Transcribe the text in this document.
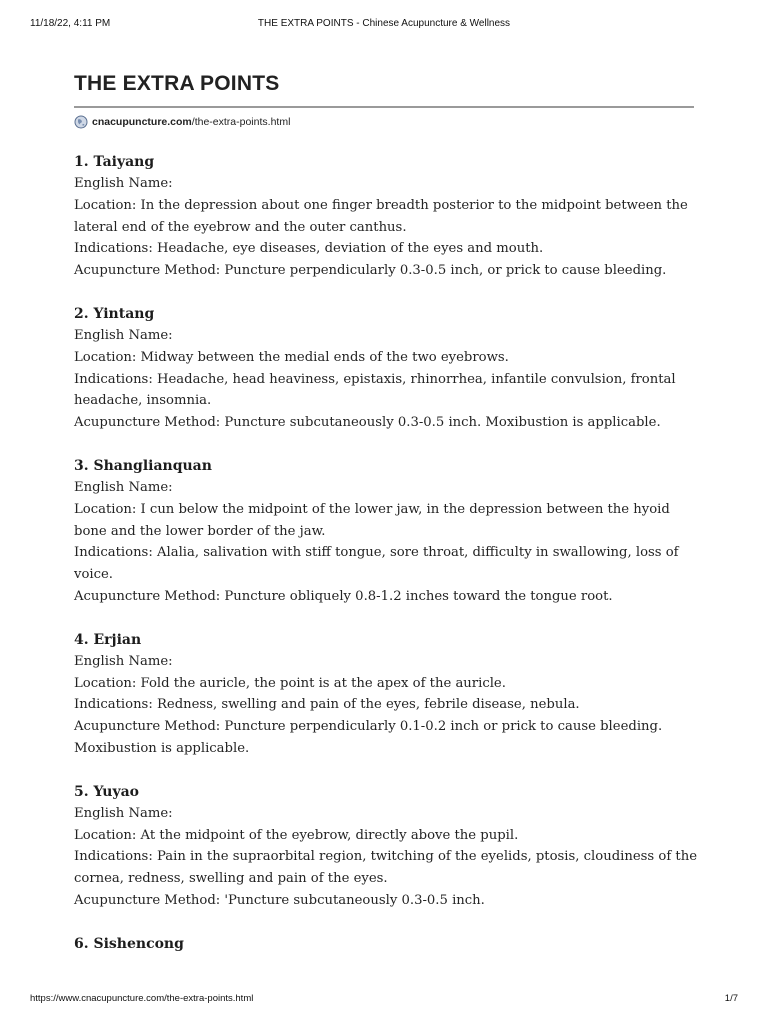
11/18/22, 4:11 PM	THE EXTRA POINTS - Chinese Acupuncture & Wellness
THE EXTRA POINTS
cnacupuncture.com /the-extra-points.html
1. Taiyang

English Name:

Location: In the depression about one finger breadth posterior to the midpoint between the

lateral end of the eyebrow and the outer canthus.

Indications: Headache, eye diseases, deviation of the eyes and mouth.

Acupuncture Method: Puncture perpendicularly 0.3-0.5 inch, or prick to cause bleeding.

2. Yintang

English Name:

Location: Midway between the medial ends of the two eyebrows.

Indications: Headache, head heaviness, epistaxis, rhinorrhea, infantile convulsion, frontal

headache, insomnia.

Acupuncture Method: Puncture subcutaneously 0.3-0.5 inch. Moxibustion is applicable.

3. Shanglianquan

English Name:

Location: I cun below the midpoint of the lower jaw, in the depression between the hyoid

bone and the lower border of the jaw.

Indications: Alalia, salivation with stiff tongue, sore throat, difficulty in swallowing, loss of

voice.

Acupuncture Method: Puncture obliquely 0.8-1.2 inches toward the tongue root.

4. Erjian

English Name:

Location: Fold the auricle, the point is at the apex of the auricle.

Indications: Redness, swelling and pain of the eyes, febrile disease, nebula.

Acupuncture Method: Puncture perpendicularly 0.1-0.2 inch or prick to cause bleeding.

Moxibustion is applicable.

5. Yuyao

English Name:

Location: At the midpoint of the eyebrow, directly above the pupil.

Indications: Pain in the supraorbital region, twitching of the eyelids, ptosis, cloudiness of the

cornea, redness, swelling and pain of the eyes.

Acupuncture Method: 'Puncture subcutaneously 0.3-0.5 inch.

6. Sishencong
https://www.cnacupuncture.com/the-extra-points.html	1/7
